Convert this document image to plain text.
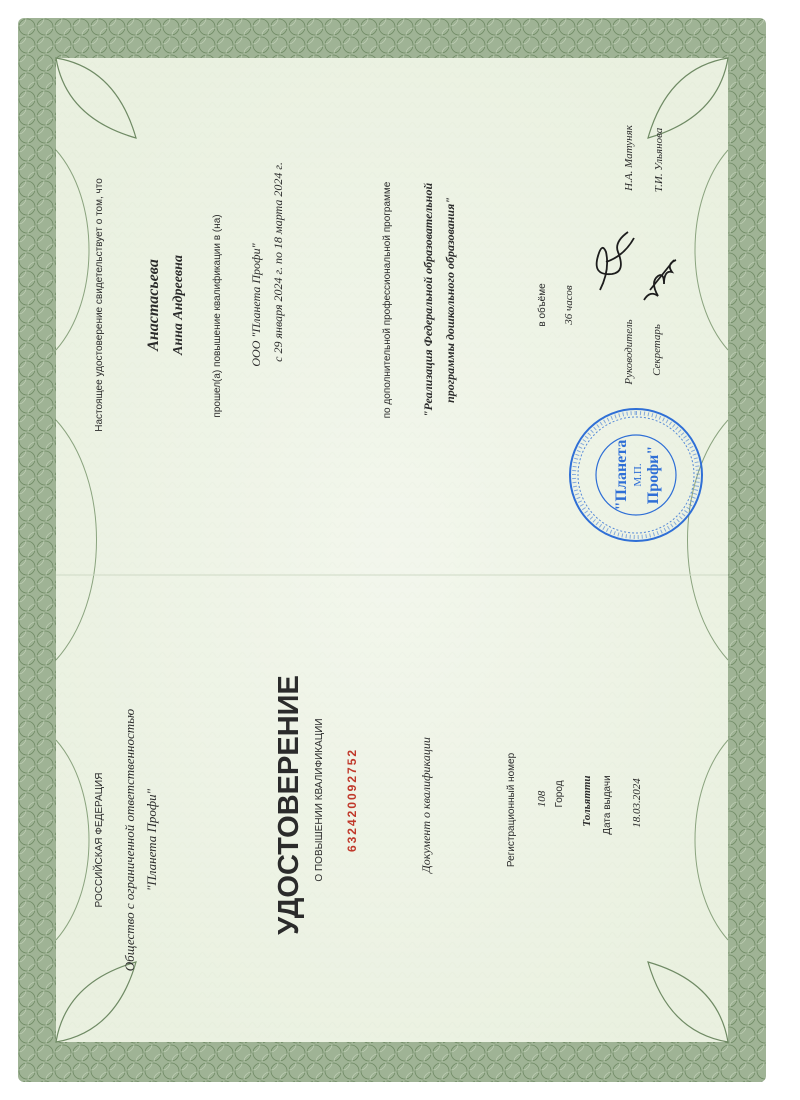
РОССИЙСКАЯ ФЕДЕРАЦИЯ Общество с ограниченной ответственностью "Планета Профи"	УДОСТОВЕРЕНИЕ О ПОВЫШЕНИИ КВАЛИФИКАЦИИ 632420092752	Документ о квалификации	Регистрационный номер 108 Город Тольятти Дата выдачи 18.03.2024
Настоящее удостоверение свидетельствует о том, что	Анастасьева Анна Андреевна	прошел(а) повышение квалификации в (на) ООО "Планета Профи" с 29 января 2024 г. по 18 марта 2024 г.	по дополнительной профессиональной программе "Реализация Федеральной образовательной программы дошкольного образования"	в объёме 36 часов
Руководитель
Н.А. Матуняк
Секретарь
Т.И. Ульянова
"Планета М.П. Профи"
